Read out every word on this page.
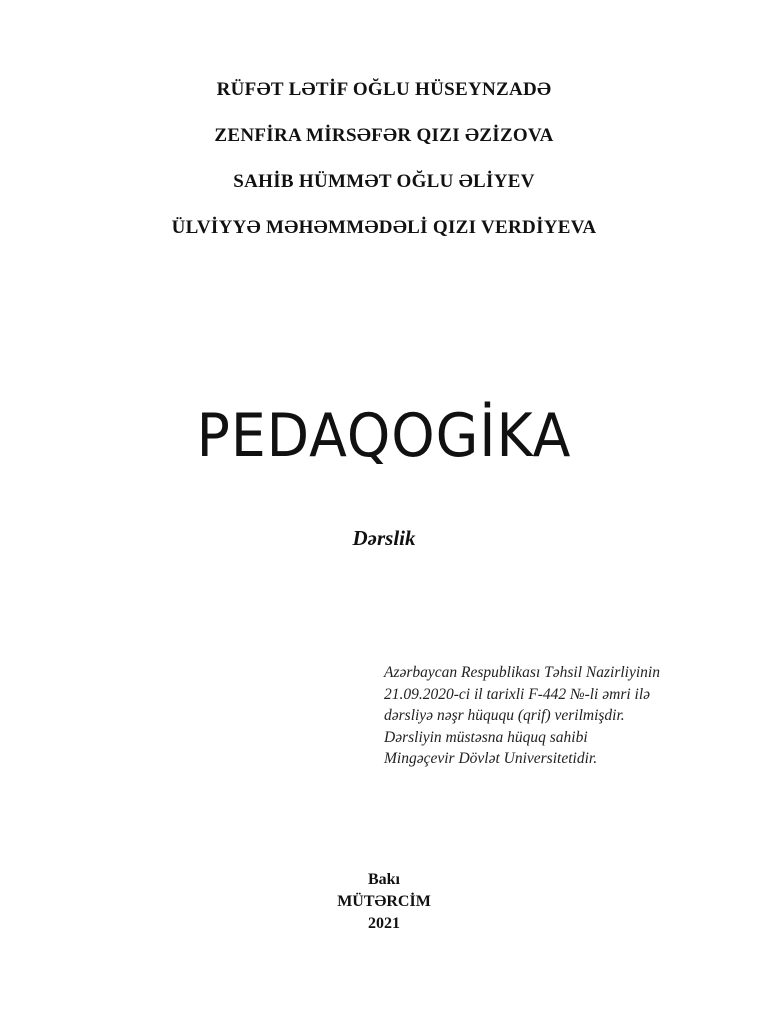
RÜFƏT LƏTİF OĞLU HÜSEYNZADƏ
ZENFİRA MİRSƏFƏR QIZI ƏZİZOVA
SAHİB HÜMMƏT OĞLU ƏLİYEV
ÜLVİYYƏ MƏHƏMMƏDƏLİ QIZI VERDİYEVA
PEDAQOGİKA
Dərslik
Azərbaycan Respublikası Təhsil Nazirliyinin
21.09.2020-ci il tarixli F-442 №-li əmri ilə
dərsliyə nəşr hüququ (qrif) verilmişdir.
Dərsliyin müstəsna hüquq sahibi
Mingəçevir Dövlət Universitetidir.
Bakı
MÜTƏRCİM
2021
